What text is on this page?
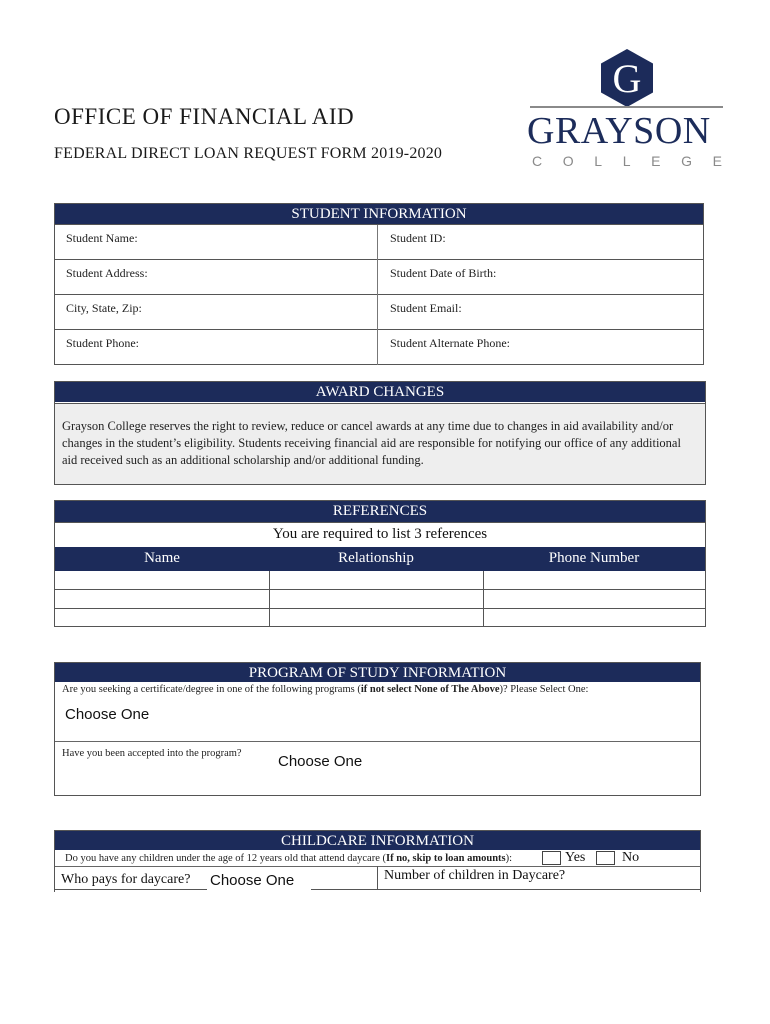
OFFICE OF FINANCIAL AID
FEDERAL DIRECT LOAN REQUEST FORM 2019-2020
G
GRAYSON
C O L L E G E
STUDENT INFORMATION
Student Name:	Student ID:
Student Address:	Student Date of Birth:
City, State, Zip:	Student Email:
Student Phone:	Student Alternate Phone:
AWARD CHANGES
Grayson College reserves the right to review, reduce or cancel awards at any time due to changes in aid availability and/or changes in the student’s eligibility. Students receiving financial aid are responsible for notifying our office of any additional aid received such as an additional scholarship and/or additional funding.
REFERENCES
You are required to list 3 references
Name	Relationship	Phone Number
PROGRAM OF STUDY INFORMATION
Are you seeking a certificate/degree in one of the following programs (if not select None of The Above)? Please Select One:
Choose One
Have you been accepted into the program? Choose One
CHILDCARE INFORMATION
Do you have any children under the age of 12 years old that attend daycare (If no, skip to loan amounts):	Yes	No
Who pays for daycare? Choose One	Number of children in Daycare?
